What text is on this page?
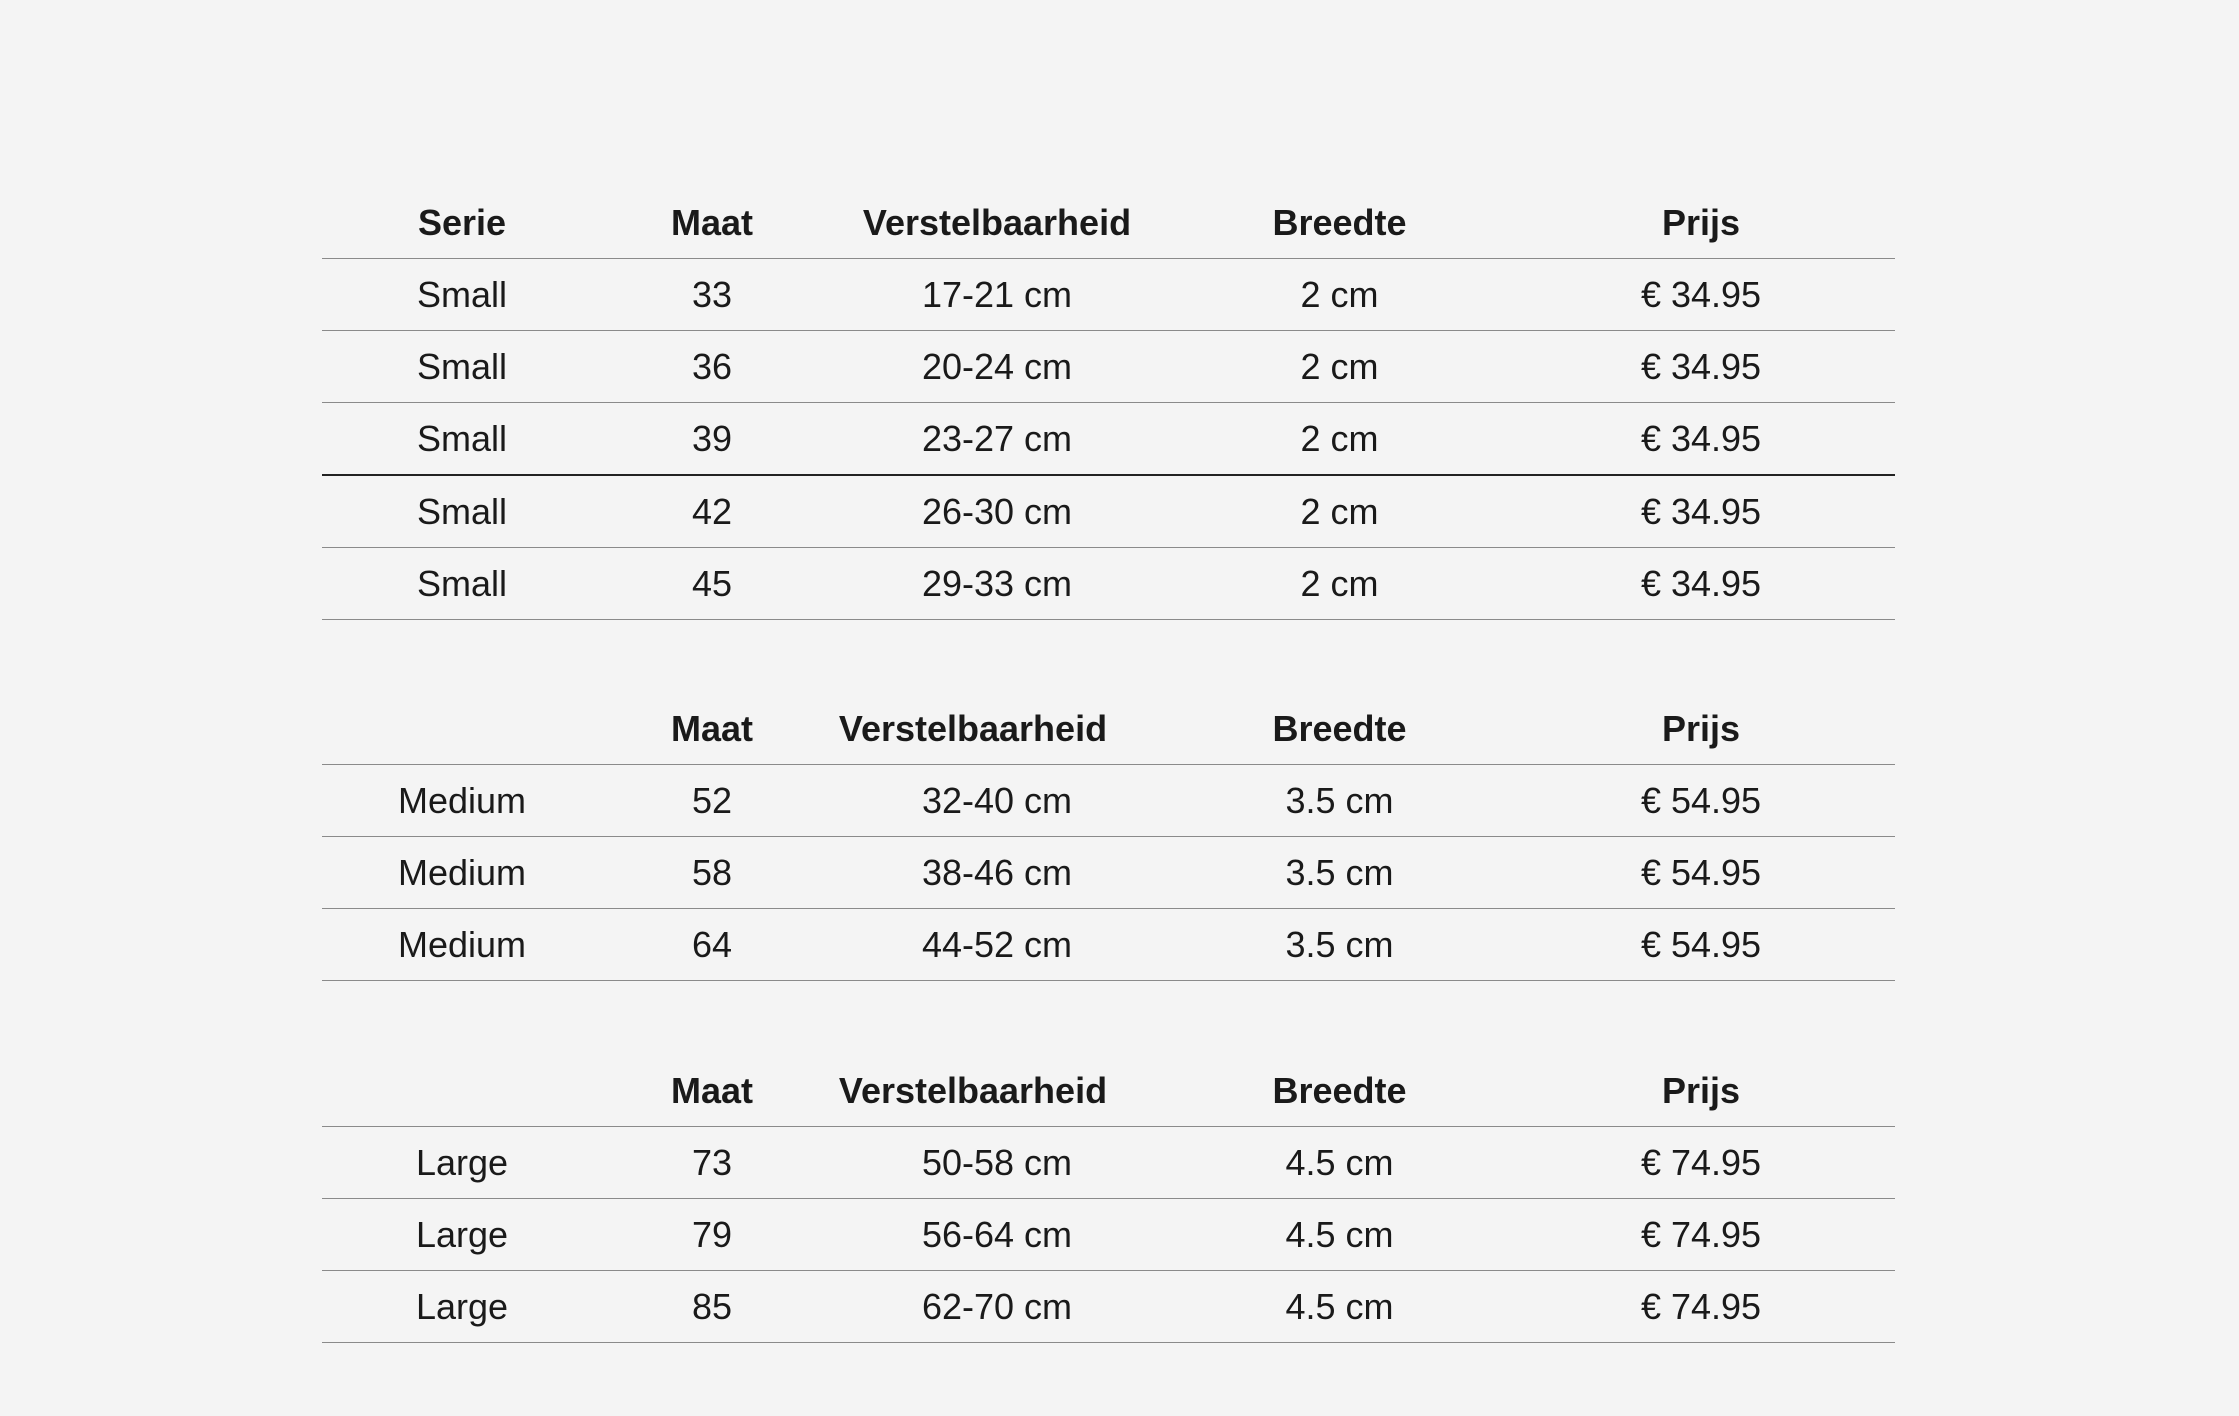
Serie	Maat	Verstelbaarheid	Breedte	Prijs
Small	33	17-21 cm	2 cm	€ 34.95
Small	36	20-24 cm	2 cm	€ 34.95
Small	39	23-27 cm	2 cm	€ 34.95
Small	42	26-30 cm	2 cm	€ 34.95
Small	45	29-33 cm	2 cm	€ 34.95
	Maat	Verstelbaarheid	Breedte	Prijs
Medium	52	32-40 cm	3.5 cm	€ 54.95
Medium	58	38-46 cm	3.5 cm	€ 54.95
Medium	64	44-52 cm	3.5 cm	€ 54.95
	Maat	Verstelbaarheid	Breedte	Prijs
Large	73	50-58 cm	4.5 cm	€ 74.95
Large	79	56-64 cm	4.5 cm	€ 74.95
Large	85	62-70 cm	4.5 cm	€ 74.95
